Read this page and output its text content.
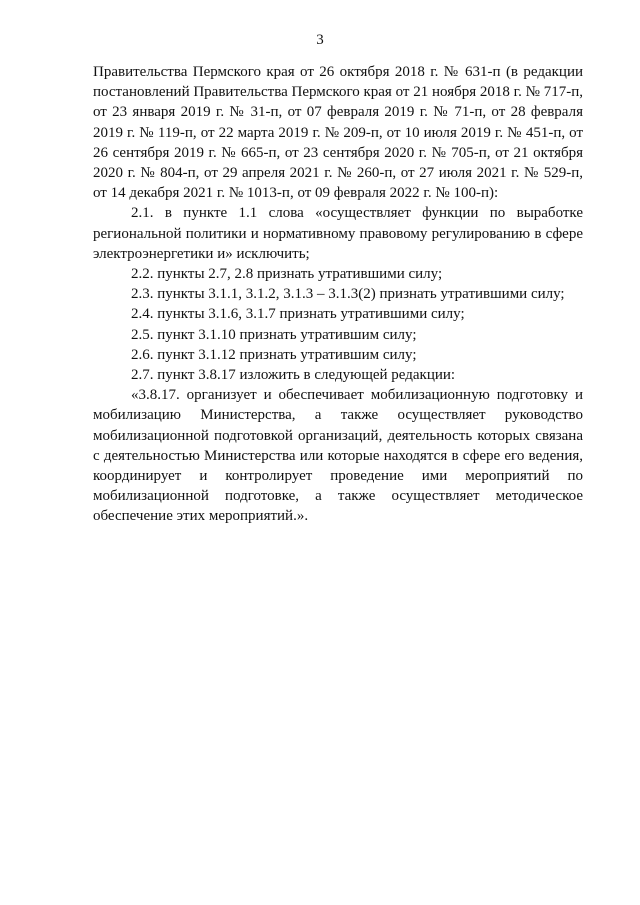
3

Правительства Пермского края от 26 октября 2018 г. № 631-п (в редакции постановлений Правительства Пермского края от 21 ноября 2018 г. № 717-п, от 23 января 2019 г. № 31-п, от 07 февраля 2019 г. № 71-п, от 28 февраля 2019 г. № 119-п, от 22 марта 2019 г. № 209-п, от 10 июля 2019 г. № 451-п, от 26 сентября 2019 г. № 665-п, от 23 сентября 2020 г. № 705-п, от 21 октября 2020 г. № 804-п, от 29 апреля 2021 г. № 260-п, от 27 июля 2021 г. № 529-п, от 14 декабря 2021 г. № 1013-п, от 09 февраля 2022 г. № 100-п):

2.1. в пункте 1.1 слова «осуществляет функции по выработке региональной политики и нормативному правовому регулированию в сфере электроэнергетики и» исключить;

2.2. пункты 2.7, 2.8 признать утратившими силу;

2.3. пункты 3.1.1, 3.1.2, 3.1.3 – 3.1.3(2) признать утратившими силу;

2.4. пункты 3.1.6, 3.1.7 признать утратившими силу;

2.5. пункт 3.1.10 признать утратившим силу;

2.6. пункт 3.1.12 признать утратившим силу;

2.7. пункт 3.8.17 изложить в следующей редакции:

«3.8.17. организует и обеспечивает мобилизационную подготовку и мобилизацию Министерства, а также осуществляет руководство мобилизационной подготовкой организаций, деятельность которых связана с деятельностью Министерства или которые находятся в сфере его ведения, координирует и контролирует проведение ими мероприятий по мобилизационной подготовке, а также осуществляет методическое обеспечение этих мероприятий.».
